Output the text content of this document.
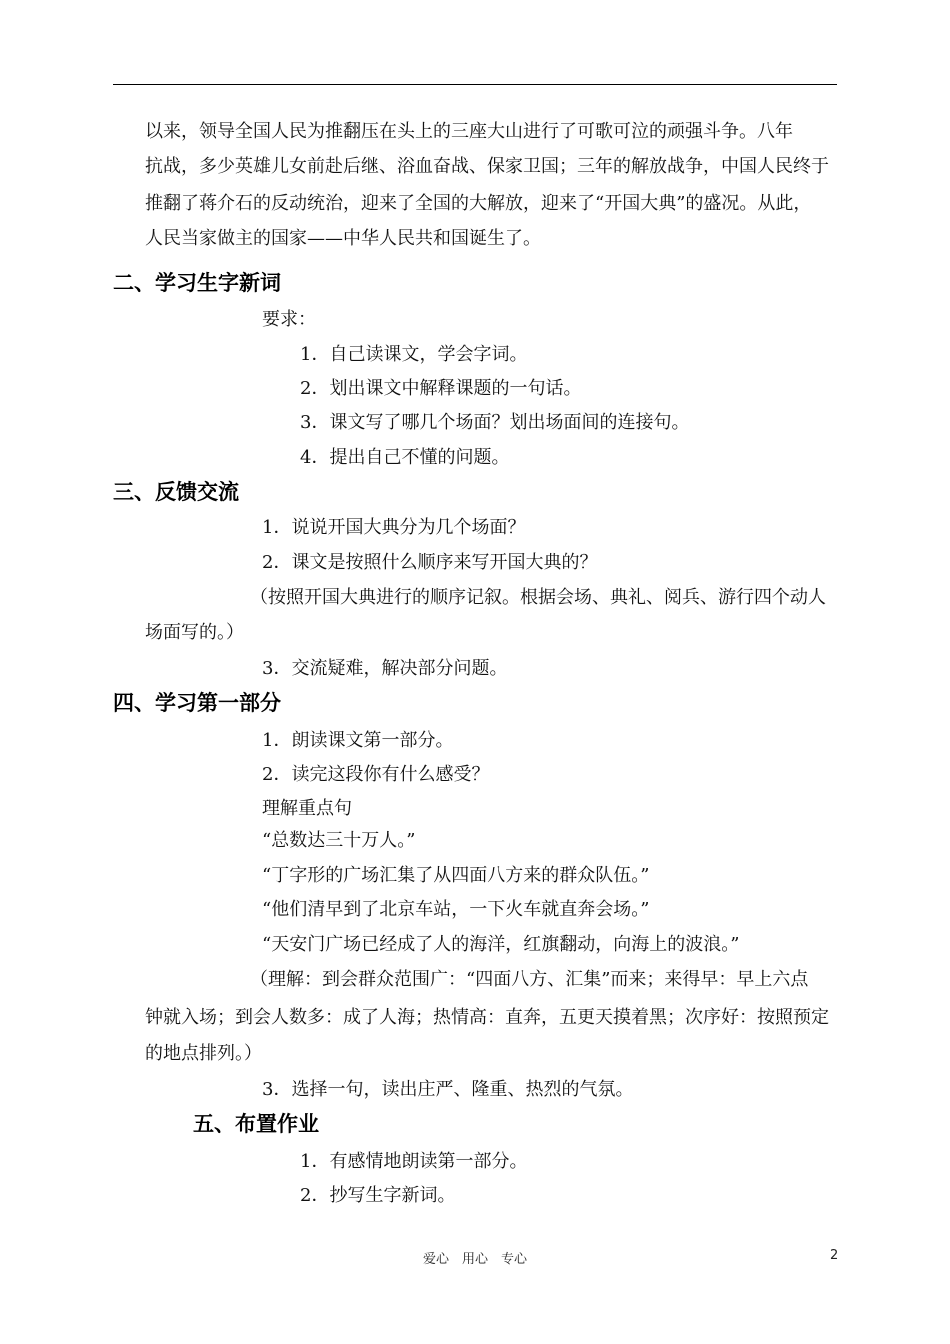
以来，领导全国人民为推翻压在头上的三座大山进行了可歌可泣的顽强斗争。八年
抗战，多少英雄儿女前赴后继、浴血奋战、保家卫国；三年的解放战争，中国人民终于
推翻了蒋介石的反动统治，迎来了全国的大解放，迎来了“开国大典”的盛况。从此，
人民当家做主的国家——中华人民共和国诞生了。
二、学习生字新词
要求：
1．自己读课文，学会字词。
2．划出课文中解释课题的一句话。
3．课文写了哪几个场面？划出场面间的连接句。
4．提出自己不懂的问题。
三、反馈交流
1．说说开国大典分为几个场面？
2．课文是按照什么顺序来写开国大典的？
（按照开国大典进行的顺序记叙。根据会场、典礼、阅兵、游行四个动人
场面写的。）
3．交流疑难，解决部分问题。
四、学习第一部分
1．朗读课文第一部分。
2．读完这段你有什么感受？
理解重点句
“总数达三十万人。”
“丁字形的广场汇集了从四面八方来的群众队伍。”
“他们清早到了北京车站，一下火车就直奔会场。”
“天安门广场已经成了人的海洋，红旗翻动，向海上的波浪。”
（理解：到会群众范围广：“四面八方、汇集”而来；来得早：早上六点
钟就入场；到会人数多：成了人海；热情高：直奔，五更天摸着黑；次序好：按照预定
的地点排列。）
3．选择一句，读出庄严、隆重、热烈的气氛。
五、布置作业
1．有感情地朗读第一部分。
2．抄写生字新词。
爱心　用心　专心	2
